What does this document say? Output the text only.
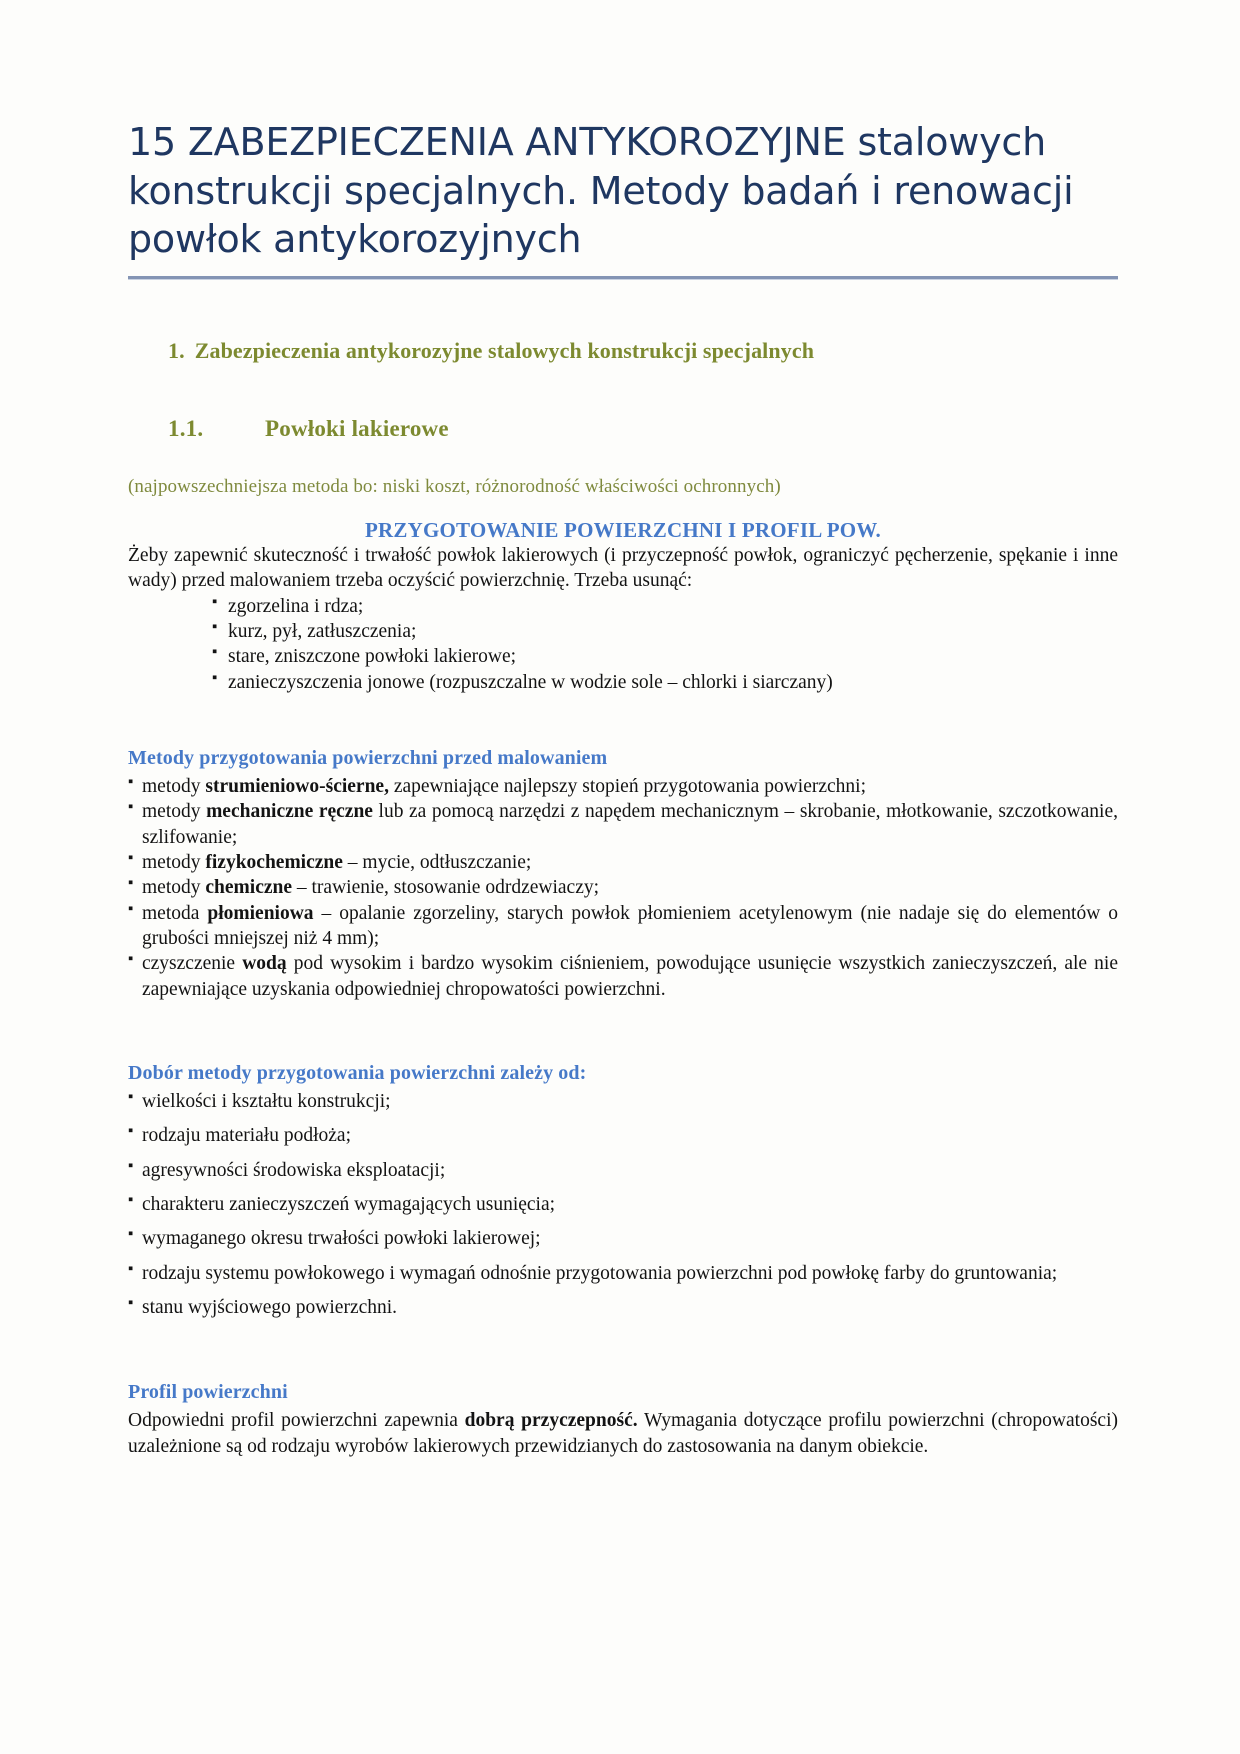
15 ZABEZPIECZENIA ANTYKOROZYJNE stalowych
konstrukcji specjalnych. Metody badań i renowacji
powłok antykorozyjnych
1. Zabezpieczenia antykorozyjne stalowych konstrukcji specjalnych
1.1.	Powłoki lakierowe
(najpowszechniejsza metoda bo: niski koszt, różnorodność właściwości ochronnych)
PRZYGOTOWANIE POWIERZCHNI I PROFIL POW.

Żeby zapewnić skuteczność i trwałość powłok lakierowych (i przyczepność powłok, ograniczyć pęcherzenie, spękanie i inne wady) przed malowaniem trzeba oczyścić powierzchnię. Trzeba usunąć:

▪ zgorzelina i rdza;
▪ kurz, pył, zatłuszczenia;
▪ stare, zniszczone powłoki lakierowe;
▪ zanieczyszczenia jonowe (rozpuszczalne w wodzie sole – chlorki i siarczany)
Metody przygotowania powierzchni przed malowaniem
▪ metody strumieniowo-ścierne, zapewniające najlepszy stopień przygotowania powierzchni;
▪ metody mechaniczne ręczne lub za pomocą narzędzi z napędem mechanicznym – skrobanie, młotkowanie, szczotkowanie, szlifowanie;
▪ metody fizykochemiczne – mycie, odtłuszczanie;
▪ metody chemiczne – trawienie, stosowanie odrdzewiaczy;
▪ metoda płomieniowa – opalanie zgorzeliny, starych powłok płomieniem acetylenowym (nie nadaje się do elementów o grubości mniejszej niż 4 mm);
▪ czyszczenie wodą pod wysokim i bardzo wysokim ciśnieniem, powodujące usunięcie wszystkich zanieczyszczeń, ale nie zapewniające uzyskania odpowiedniej chropowatości powierzchni.
Dobór metody przygotowania powierzchni zależy od:
▪ wielkości i kształtu konstrukcji;
▪ rodzaju materiału podłoża;
▪ agresywności środowiska eksploatacji;
▪ charakteru zanieczyszczeń wymagających usunięcia;
▪ wymaganego okresu trwałości powłoki lakierowej;
▪ rodzaju systemu powłokowego i wymagań odnośnie przygotowania powierzchni pod powłokę farby do gruntowania;
▪ stanu wyjściowego powierzchni.
Profil powierzchni

Odpowiedni profil powierzchni zapewnia dobrą przyczepność. Wymagania dotyczące profilu powierzchni (chropowatości) uzależnione są od rodzaju wyrobów lakierowych przewidzianych do zastosowania na danym obiekcie.
